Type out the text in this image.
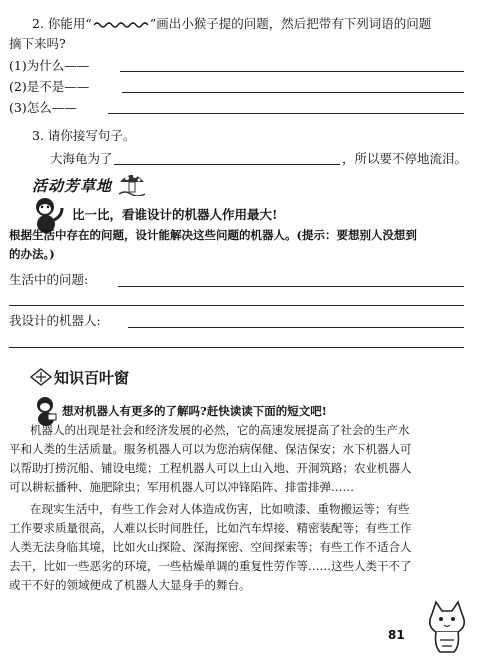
2. 你能用“	”画出小猴子提的问题，然后把带有下列词语的问题
摘下来吗?
(1)为什么——
(2)是不是——
(3)怎么——
3. 请你接写句子。
大海龟为了	，所以要不停地流泪。
活动芳草地
比一比，看谁设计的机器人作用最大!
根据生活中存在的问题，设计能解决这些问题的机器人。(提示：要想别人没想到
的办法。)
生活中的问题:
我设计的机器人:
知识百叶窗
想对机器人有更多的了解吗?赶快读读下面的短文吧!
机器人的出现是社会和经济发展的必然，它的高速发展提高了社会的生产水
平和人类的生活质量。服务机器人可以为您治病保健、保洁保安；水下机器人可
以帮助打捞沉船、铺设电缆；工程机器人可以上山入地、开洞筑路；农业机器人
可以耕耘播种、施肥除虫；军用机器人可以冲锋陷阵、排雷排弹……
在现实生活中，有些工作会对人体造成伤害，比如喷漆、重物搬运等；有些
工作要求质量很高，人难以长时间胜任，比如汽车焊接、精密装配等；有些工作
人类无法身临其境，比如火山探险、深海探密、空间探索等；有些工作不适合人
去干，比如一些恶劣的环境，一些枯燥单调的重复性劳作等……这些人类干不了
或干不好的领域便成了机器人大显身手的舞台。
81
